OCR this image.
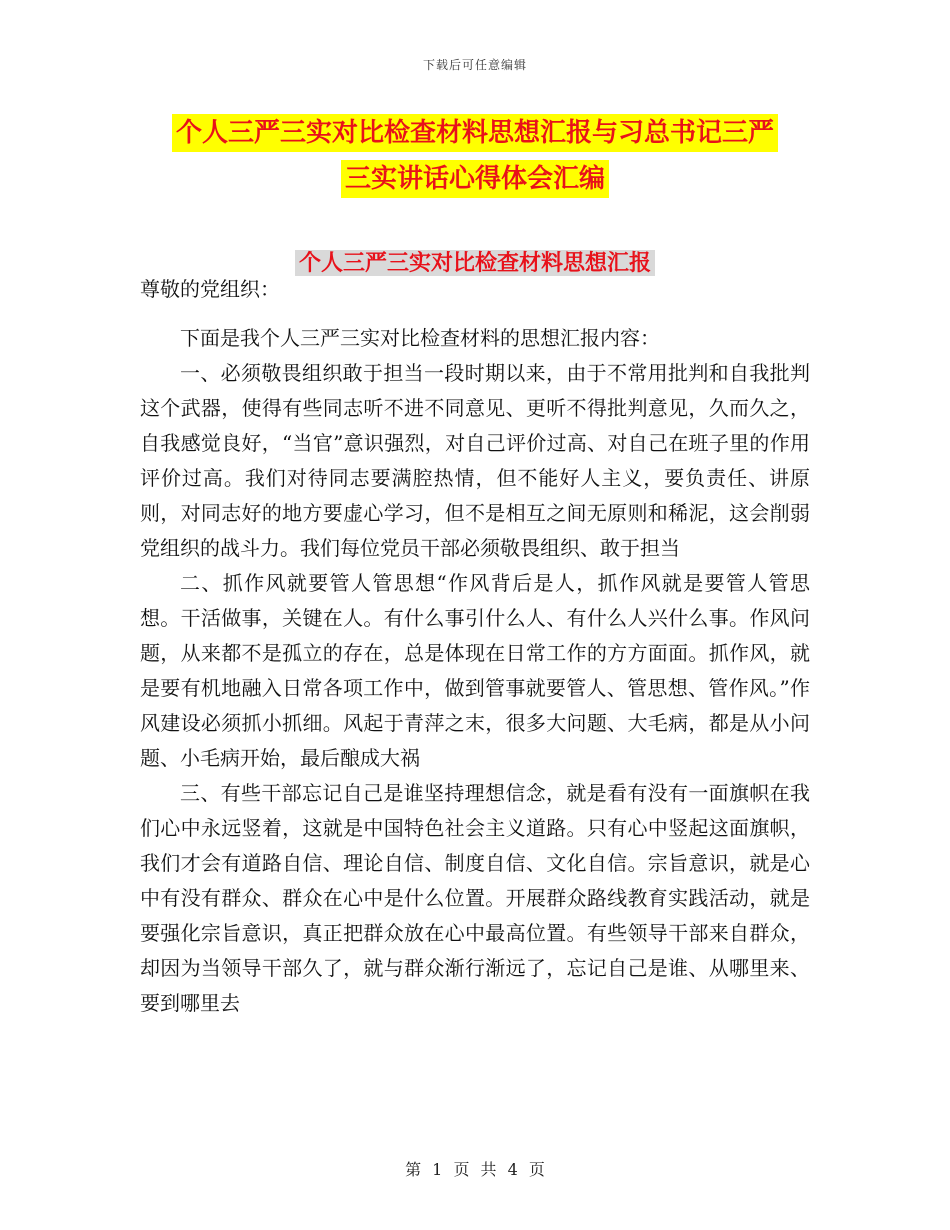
下载后可任意编辑
个人三严三实对比检查材料思想汇报与习总书记三严
三实讲话心得体会汇编
个人三严三实对比检查材料思想汇报

尊敬的党组织：

下面是我个人三严三实对比检查材料的思想汇报内容：

一、必须敬畏组织敢于担当一段时期以来，由于不常用批判和自我批判这个武器，使得有些同志听不进不同意见、更听不得批判意见，久而久之，自我感觉良好，“当官”意识强烈，对自己评价过高、对自己在班子里的作用评价过高。我们对待同志要满腔热情，但不能好人主义，要负责任、讲原则，对同志好的地方要虚心学习，但不是相互之间无原则和稀泥，这会削弱党组织的战斗力。我们每位党员干部必须敬畏组织、敢于担当

二、抓作风就要管人管思想“作风背后是人，抓作风就是要管人管思想。干活做事，关键在人。有什么事引什么人、有什么人兴什么事。作风问题，从来都不是孤立的存在，总是体现在日常工作的方方面面。抓作风，就是要有机地融入日常各项工作中，做到管事就要管人、管思想、管作风。”作风建设必须抓小抓细。风起于青萍之末，很多大问题、大毛病，都是从小问题、小毛病开始，最后酿成大祸

三、有些干部忘记自己是谁坚持理想信念，就是看有没有一面旗帜在我们心中永远竖着，这就是中国特色社会主义道路。只有心中竖起这面旗帜，我们才会有道路自信、理论自信、制度自信、文化自信。宗旨意识，就是心中有没有群众、群众在心中是什么位置。开展群众路线教育实践活动，就是要强化宗旨意识，真正把群众放在心中最高位置。有些领导干部来自群众，却因为当领导干部久了，就与群众渐行渐远了，忘记自己是谁、从哪里来、要到哪里去

第 1 页 共 4 页
